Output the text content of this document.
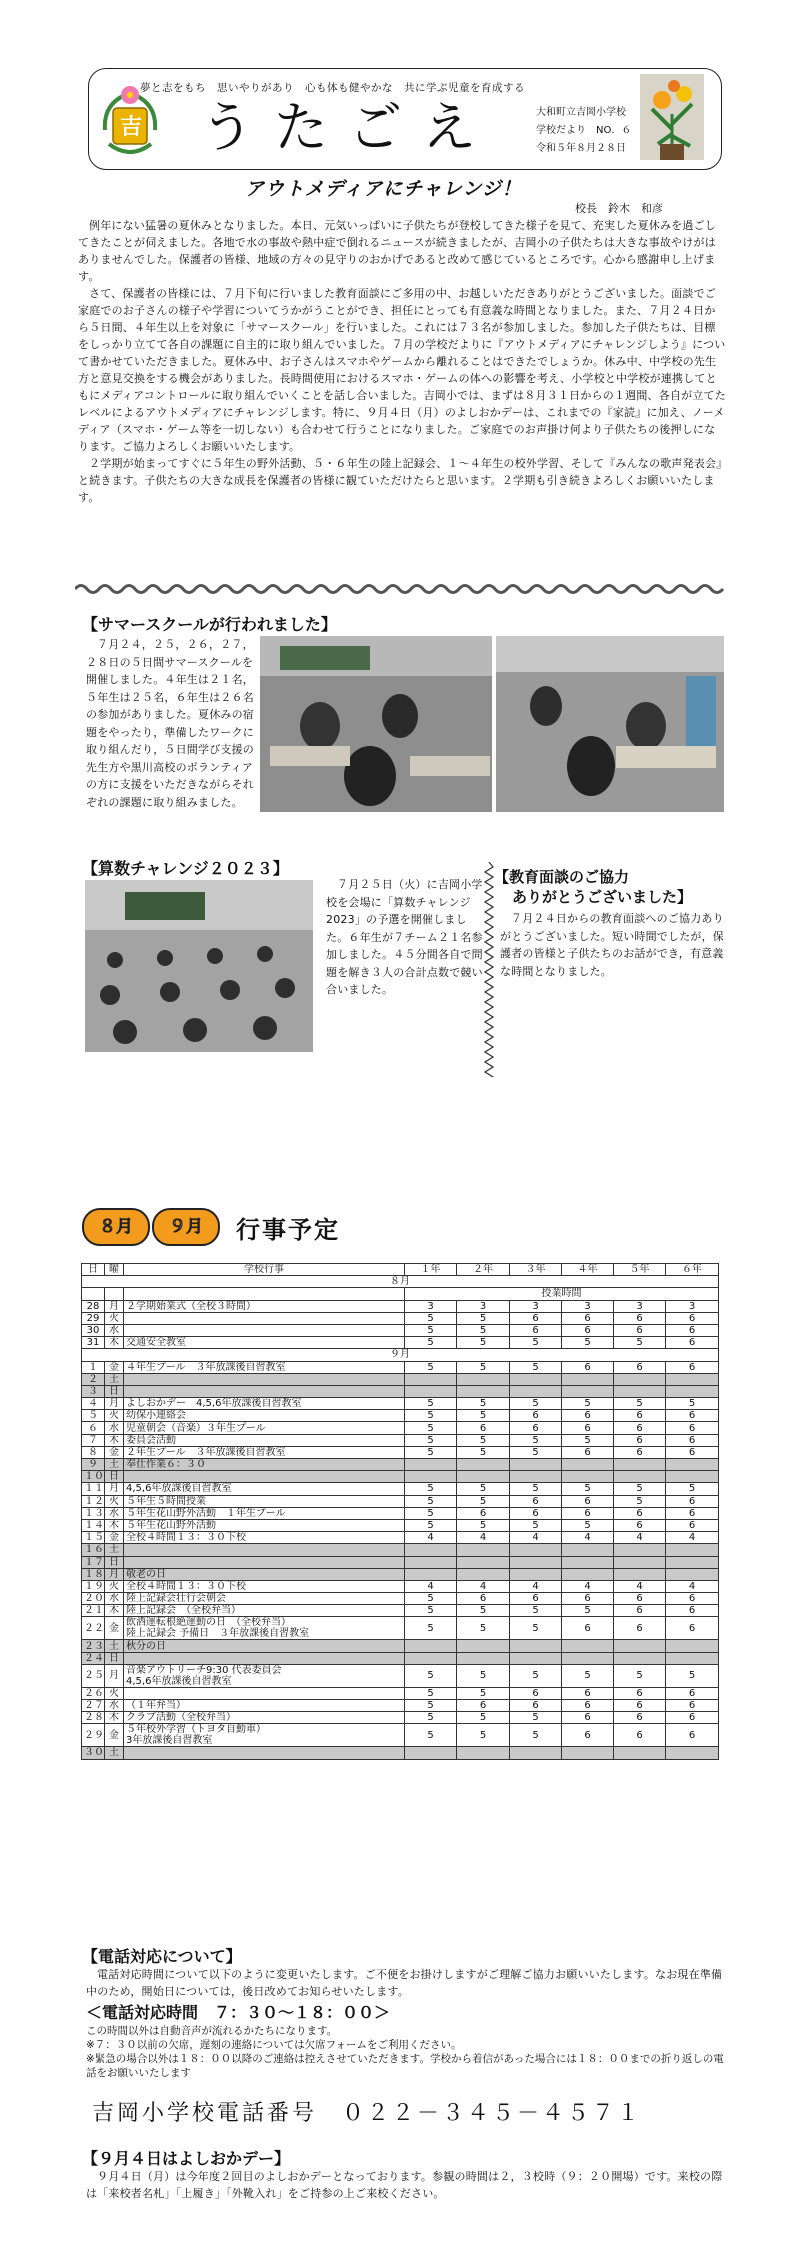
吉
夢と志をもち　思いやりがあり　心も体も健やかな　共に学ぶ児童を育成する
うたごえ	大和町立吉岡小学校
学校だより　NO．６
令和５年８月２８日
アウトメディアにチャレンジ！
校長　鈴木　和彦

例年にない猛暑の夏休みとなりました。本日、元気いっぱいに子供たちが登校してきた様子を見て、充実した夏休みを過ごしてきたことが伺えました。各地で水の事故や熱中症で倒れるニュースが続きましたが、吉岡小の子供たちは大きな事故やけがはありませんでした。保護者の皆様、地域の方々の見守りのおかげであると改めて感じているところです。心から感謝申し上げます。

さて、保護者の皆様には、７月下旬に行いました教育面談にご多用の中、お越しいただきありがとうございました。面談でご家庭でのお子さんの様子や学習についてうかがうことができ、担任にとっても有意義な時間となりました。また、７月２４日から５日間、４年生以上を対象に「サマースクール」を行いました。これには７３名が参加しました。参加した子供たちは、目標をしっかり立てて各自の課題に自主的に取り組んでいました。７月の学校だよりに『アウトメディアにチャレンジしよう』について書かせていただきました。夏休み中、お子さんはスマホやゲームから離れることはできたでしょうか。休み中、中学校の先生方と意見交換をする機会がありました。長時間使用におけるスマホ・ゲームの体への影響を考え、小学校と中学校が連携してともにメディアコントロールに取り組んでいくことを話し合いました。吉岡小では、まずは８月３１日からの１週間、各自が立てたレベルによるアウトメディアにチャレンジします。特に、９月４日（月）のよしおかデーは、これまでの『家読』に加え、ノーメディア（スマホ・ゲーム等を一切しない）も合わせて行うことになりました。ご家庭でのお声掛け何より子供たちの後押しになります。ご協力よろしくお願いいたします。

２学期が始まってすぐに５年生の野外活動、５・６年生の陸上記録会、１～４年生の校外学習、そして『みんなの歌声発表会』と続きます。子供たちの大きな成長を保護者の皆様に観ていただけたらと思います。２学期も引き続きよろしくお願いいたします。

【サマースクールが行われました】

７月２４，２５，２６，２７，２８日の５日間サマースクールを開催しました。４年生は２１名，５年生は２５名，６年生は２６名の参加がありました。夏休みの宿題をやったり，準備したワークに取り組んだり，５日間学び支援の先生方や黒川高校のボランティアの方に支援をいただきながらそれぞれの課題に取り組みました。

【算数チャレンジ２０２３】

７月２５日（火）に吉岡小学校を会場に「算数チャレンジ2023」の予選を開催しました。６年生が７チーム２１名参加しました。４５分間各自で問題を解き３人の合計点数で競い合いました。

【教育面談のご協力
ありがとうございました】

７月２４日からの教育面談へのご協力ありがとうございました。短い時間でしたが，保護者の皆様と子供たちのお話ができ，有意義な時間となりました。

８月	９月	行事予定
日	曜	学校行事	１年	２年	３年	４年	５年	６年
８月								
			授業時間					
28	月	２学期始業式（全校３時間）	3	3	3	3	3	3
29	火		5	5	6	6	6	6
30	水		5	5	6	6	6	6
31	木	交通安全教室	5	5	5	5	5	6
９月								
１	金	４年生プール　３年放課後自習教室	5	5	5	6	6	6
２	土							
３	日							
４	月	よしおかデー　4,5,6年放課後自習教室	5	5	5	5	5	5
５	火	幼保小連絡会	5	5	6	6	6	6
６	水	児童朝会（音楽）３年生プール	5	6	6	6	6	6
７	木	委員会活動	5	5	5	5	6	6
８	金	２年生プール　３年放課後自習教室	5	5	5	6	6	6
９	土	奉仕作業６：３０						
１０	日							
１１	月	4,5,6年放課後自習教室	5	5	5	5	5	5
１２	火	５年生５時間授業	5	5	6	6	5	6
１３	水	５年生花山野外活動　１年生プール	5	6	6	6	6	6
１４	木	５年生花山野外活動	5	5	5	5	6	6
１５	金	全校４時間１３：３０下校	4	4	4	4	4	4
１６	土							
１７	日							
１８	月	敬老の日						
１９	火	全校４時間１３：３０下校	4	4	4	4	4	4
２０	水	陸上記録会壮行会朝会	5	6	6	6	6	6
２１	木	陸上記録会　（全校弁当）	5	5	5	5	6	6
２２	金	飲酒運転根絶運動の日　（全校弁当）
陸上記録会 予備日　３年放課後自習教室	5	5	5	6	6	6
２３	土	秋分の日						
２４	日							
２５	月	音楽アウトリーチ9:30 代表委員会
4,5,6年放課後自習教室	5	5	5	5	5	5
２６	火		5	5	6	6	6	6
２７	水	（１年弁当）	5	6	6	6	6	6
２８	木	クラブ活動（全校弁当）	5	5	5	6	6	6
２９	金	５年校外学習（トヨタ自動車）
3年放課後自習教室	5	5	5	6	6	6
３０	土							
【電話対応について】

電話対応時間について以下のように変更いたします。ご不便をお掛けしますがご理解ご協力お願いいたします。なお現在準備中のため，開始日については，後日改めてお知らせいたします。

＜電話対応時間　７：３０～１８：００＞
この時間以外は自動音声が流れるかたちになります。
※７：３０以前の欠席，遅刻の連絡については欠席フォームをご利用ください。
※緊急の場合以外は１８：００以降のご連絡は控えさせていただきます。学校から着信があった場合には１８：００までの折り返しの電話をお願いいたします
吉岡小学校電話番号　０２２－３４５－４５７１
【９月４日はよしおかデー】

９月４日（月）は今年度２回目のよしおかデーとなっております。参観の時間は２，３校時（９：２０開場）です。来校の際は「来校者名札」「上履き」「外靴入れ」をご持参の上ご来校ください。
